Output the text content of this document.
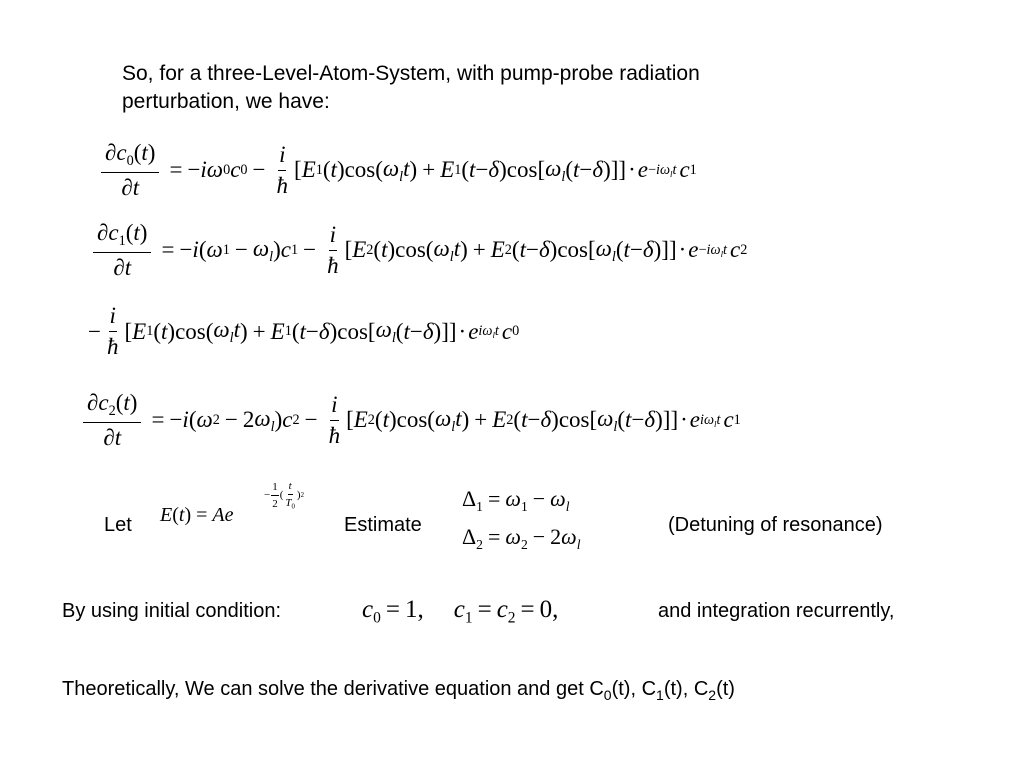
So, for a three-Level-Atom-System, with pump-probe radiation
perturbation, we have:
$\frac{\partial c_0(t)}{\partial t}$ = − iω 0 c $0 - \frac{i}{ħ}$ [ E 1 ( t )cos( $\omega_lt$ ) + E 1 ( t − δ )cos[ $\omega_l$ ( t − δ )]] · $e -i\omega_lt$ c 1
$\frac{\partial c_1(t)}{\partial t}$ = − i ( ω $1 - \omega_l$ ) c $1 - \frac{i}{ħ}$ [ E 2 ( t )cos( $\omega_lt$ ) + E 2 ( t − δ )cos[ $\omega_l$ ( t − δ )]] · $e -i\omega_lt$ c 2
− $\frac{i}{ħ}$ [ E 1 ( t )cos( $\omega_lt$ ) + E 1 ( t − δ )cos[ $\omega_l$ ( t − δ )]] · e $i\omega_lt$ c 0
$\frac{\partial c_2(t)}{\partial t}$ = − i ( ω 2 − 2 $\omega_l$ ) c $2 - \frac{i}{ħ}$ [ E 2 ( t )cos( $\omega_lt$ ) + E 2 ( t − δ )cos[ $\omega_l$ ( t − δ )]] · e $i\omega_lt$ c 1
Let E(t) = Ae
− $\frac{1}{2}$ ( $\frac{t}{T_0}$ ) 2
Estimate
$\Delta_1 = \omega_1 - \omega_l$
$\Delta_2 = \omega_2 - 2\omega_l$
(Detuning of resonance)
By using initial condition:	$c_0 = 1$, $c_1 = c_2 = 0$,	and integration recurrently,
Theoretically, We can solve the derivative equation and get $C_0(t)$, $C_1(t)$, $C_2(t)$
